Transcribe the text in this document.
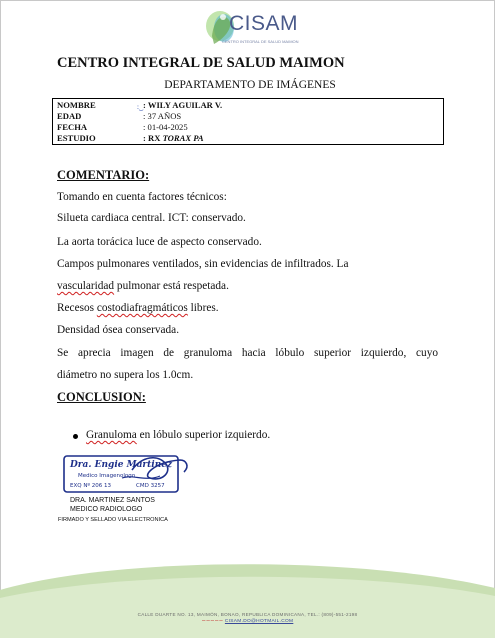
CISAM
CENTRO INTEGRAL DE SALUD MAIMON
CENTRO INTEGRAL DE SALUD MAIMON
DEPARTAMENTO DE IMÁGENES
NOMBRE	:͜ : WILY AGUILAR V.
EDAD	: 37 AÑOS
FECHA	: 01-04-2025
ESTUDIO	: RX TORAX PA
COMENTARIO:
Tomando en cuenta factores técnicos:
Silueta cardiaca central. ICT: conservado.
La aorta torácica luce de aspecto conservado.
Campos pulmonares ventilados, sin evidencias de infiltrados. La
vascularidad pulmonar está respetada.
Recesos costodiafragmáticos libres.
Densidad ósea conservada.
Se aprecia imagen de granuloma hacia lóbulo superior izquierdo, cuyo
diámetro no supera los 1.0cm.
CONCLUSION:
Granuloma en lóbulo superior izquierdo.
Dra. Engie Martinez
Medico Imagenologo
EXQ Nº 206 13	CMD 3257
DRA. MARTINEZ SANTOS
MEDICO RADIOLOGO
FIRMADO Y SELLADO VIA ELECTRONICA
CALLE DUARTE NO. 13, MAIMÓN, BONAO, REPUBLICA DOMINICANA, TEL.: (809)-551-2198
∼∼∼∼∼ CISAM.DO@HOTMAIL.COM
